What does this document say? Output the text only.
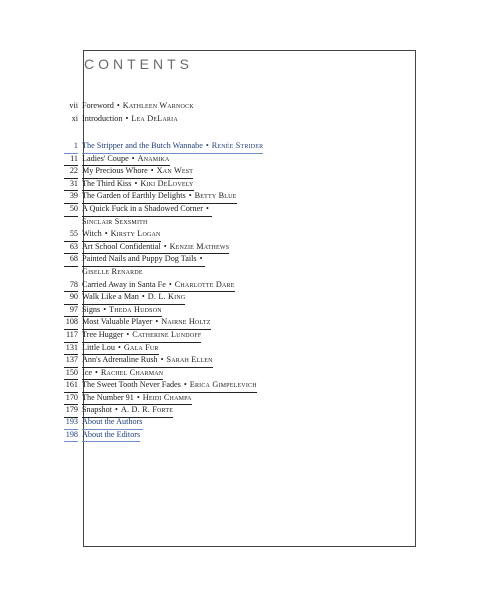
CONTENTS
vii Foreword • Kathleen Warnock
xi Introduction • Lea DeLaria
1 The Stripper and the Butch Wannabe • Renée Strider
11 Ladies' Coupe • Anamika
22 My Precious Whore • Xan West
31 The Third Kiss • Kiki DeLovely
39 The Garden of Earthly Delights • Betty Blue
50 A Quick Fuck in a Shadowed Corner •
Sinclair Sexsmith
55 Witch • Kirsty Logan
63 Art School Confidential • Kenzie Mathews
68 Painted Nails and Puppy Dog Tails •
Giselle Renarde
78 Carried Away in Santa Fe • Charlotte Dare
90 Walk Like a Man • D. L. King
97 Signs • Theda Hudson
108 Most Valuable Player • Nairne Holtz
117 Tree Hugger • Catherine Lundoff
131 Little Lou • Gala Fur
137 Ann's Adrenaline Rush • Sarah Ellen
150 Ice • Rachel Charman
161 The Sweet Tooth Never Fades • Erica Gimpelevich
170 The Number 91 • Heidi Champa
179 Snapshot • A. D. R. Forte
193 About the Authors
198 About the Editors
